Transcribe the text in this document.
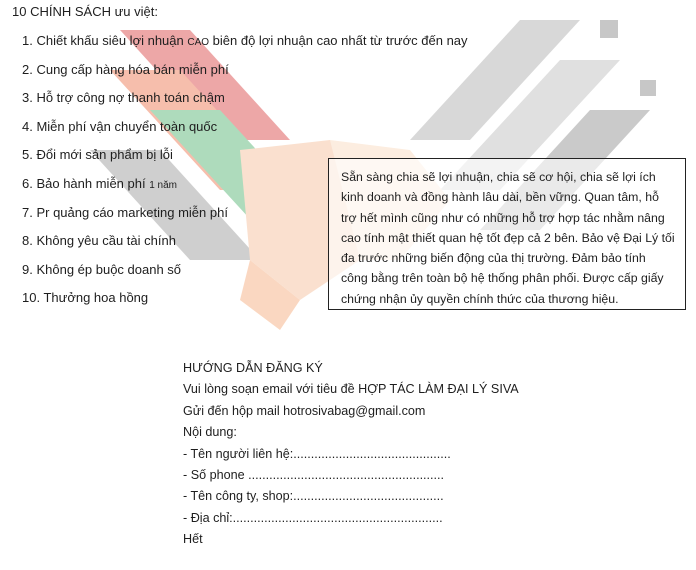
10 CHÍNH SÁCH ưu việt:
1. Chiết khấu siêu lợi nhuận CAO biên độ lợi nhuận cao nhất từ trước đến nay
2. Cung cấp hàng hóa bán miễn phí
3. Hỗ trợ công nợ thanh toán chậm
4. Miễn phí vận chuyển toàn quốc
5. Đổi mới sản phẩm bị lỗi
6. Bảo hành miễn phí 1 năm
7. Pr quảng cáo marketing miễn phí
8. Không yêu cầu tài chính
9. Không ép buộc doanh số
10. Thưởng hoa hồng

Sẵn sàng chia sẽ lợi nhuận, chia sẽ cơ hội, chia sẽ lợi ích kinh doanh và đồng hành lâu dài, bền vững. Quan tâm, hỗ trợ hết mình cũng như có những hỗ trợ hợp tác nhằm nâng cao tính mật thiết quan hệ tốt đẹp cả 2 bên. Bảo vệ Đại Lý tối đa trước những biến động của thị trường. Đảm bảo tính công bằng trên toàn bộ hệ thống phân phối. Được cấp giấy chứng nhận ủy quyền chính thức của thương hiệu.

HƯỚNG DẪN ĐĂNG KÝ
Vui lòng soạn email với tiêu đề HỢP TÁC LÀM ĐẠI LÝ SIVA
Gửi đến hộp mail hotrosivabag@gmail.com
Nội dung:
- Tên người liên hệ:.............................................
- Số phone ........................................................
- Tên công ty, shop:...........................................
- Địa chỉ:............................................................
Hết
